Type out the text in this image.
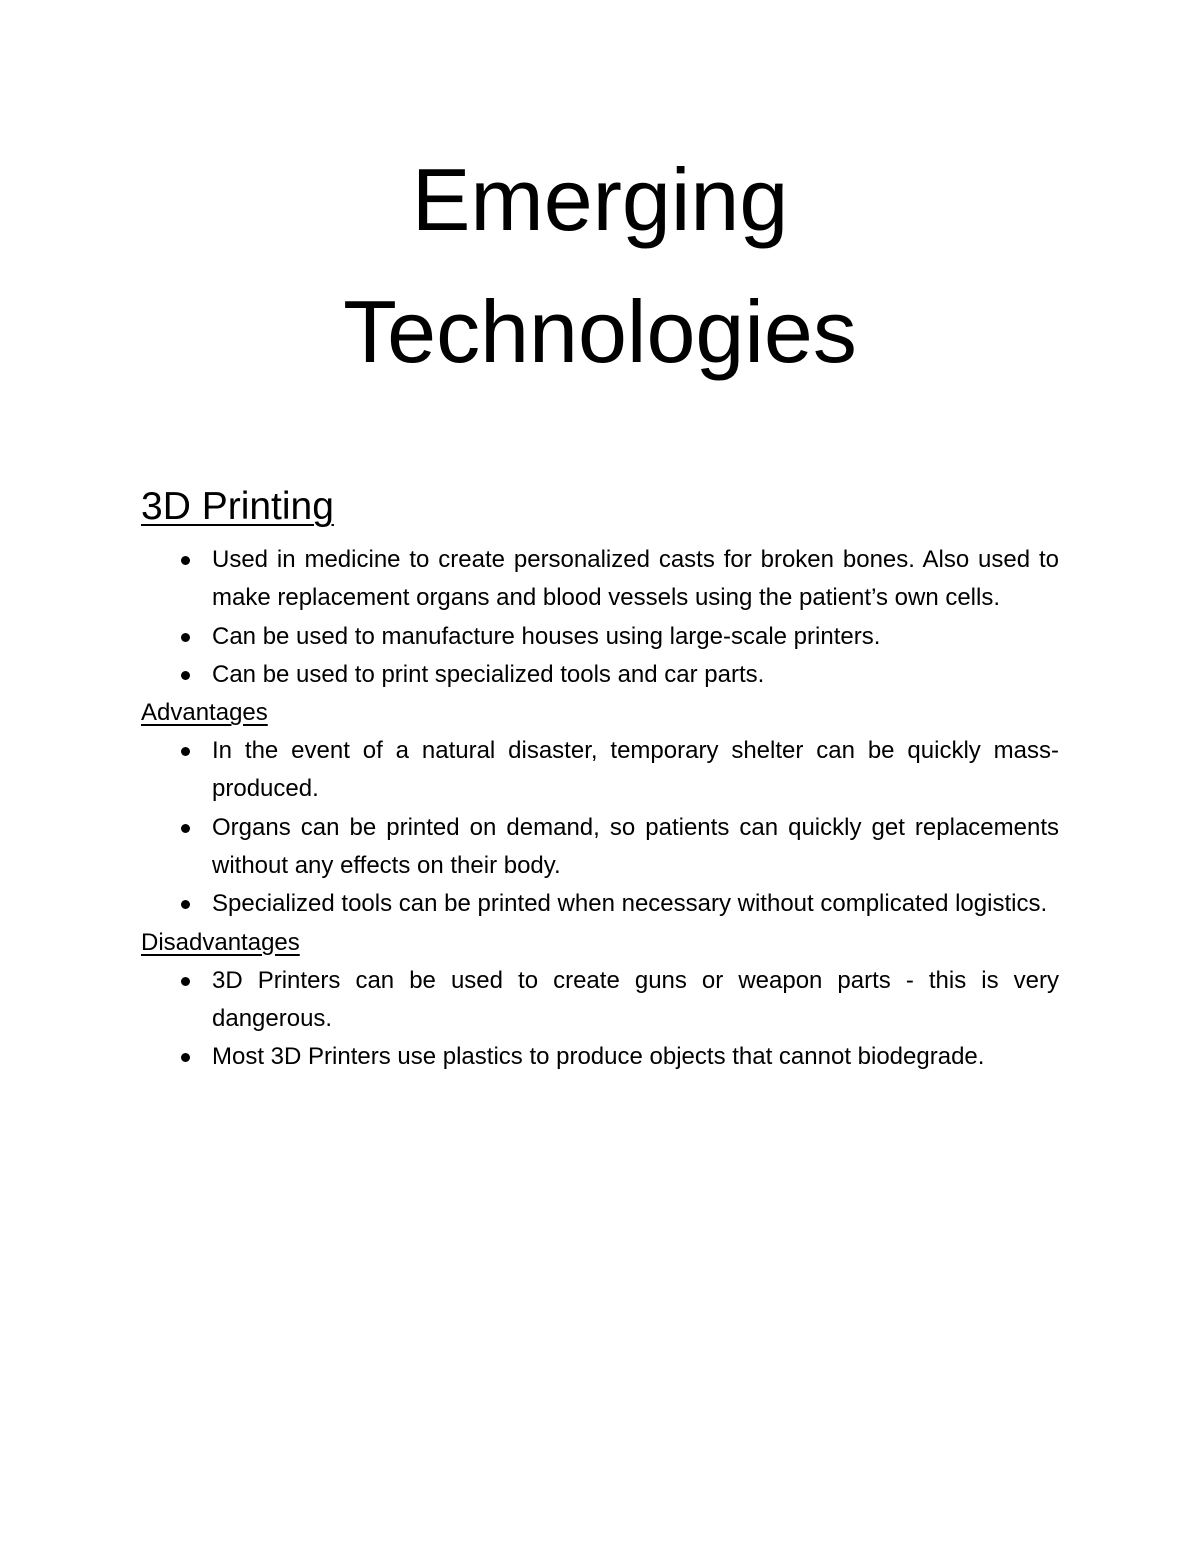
Emerging
Technologies
3D Printing
Used in medicine to create personalized casts for broken bones. Also used to make replacement organs and blood vessels using the patient’s own cells.
Can be used to manufacture houses using large-scale printers.
Can be used to print specialized tools and car parts.
Advantages
In the event of a natural disaster, temporary shelter can be quickly mass-produced.
Organs can be printed on demand, so patients can quickly get replacements without any effects on their body.
Specialized tools can be printed when necessary without complicated logistics.
Disadvantages
3D Printers can be used to create guns or weapon parts - this is very dangerous.
Most 3D Printers use plastics to produce objects that cannot biodegrade.
